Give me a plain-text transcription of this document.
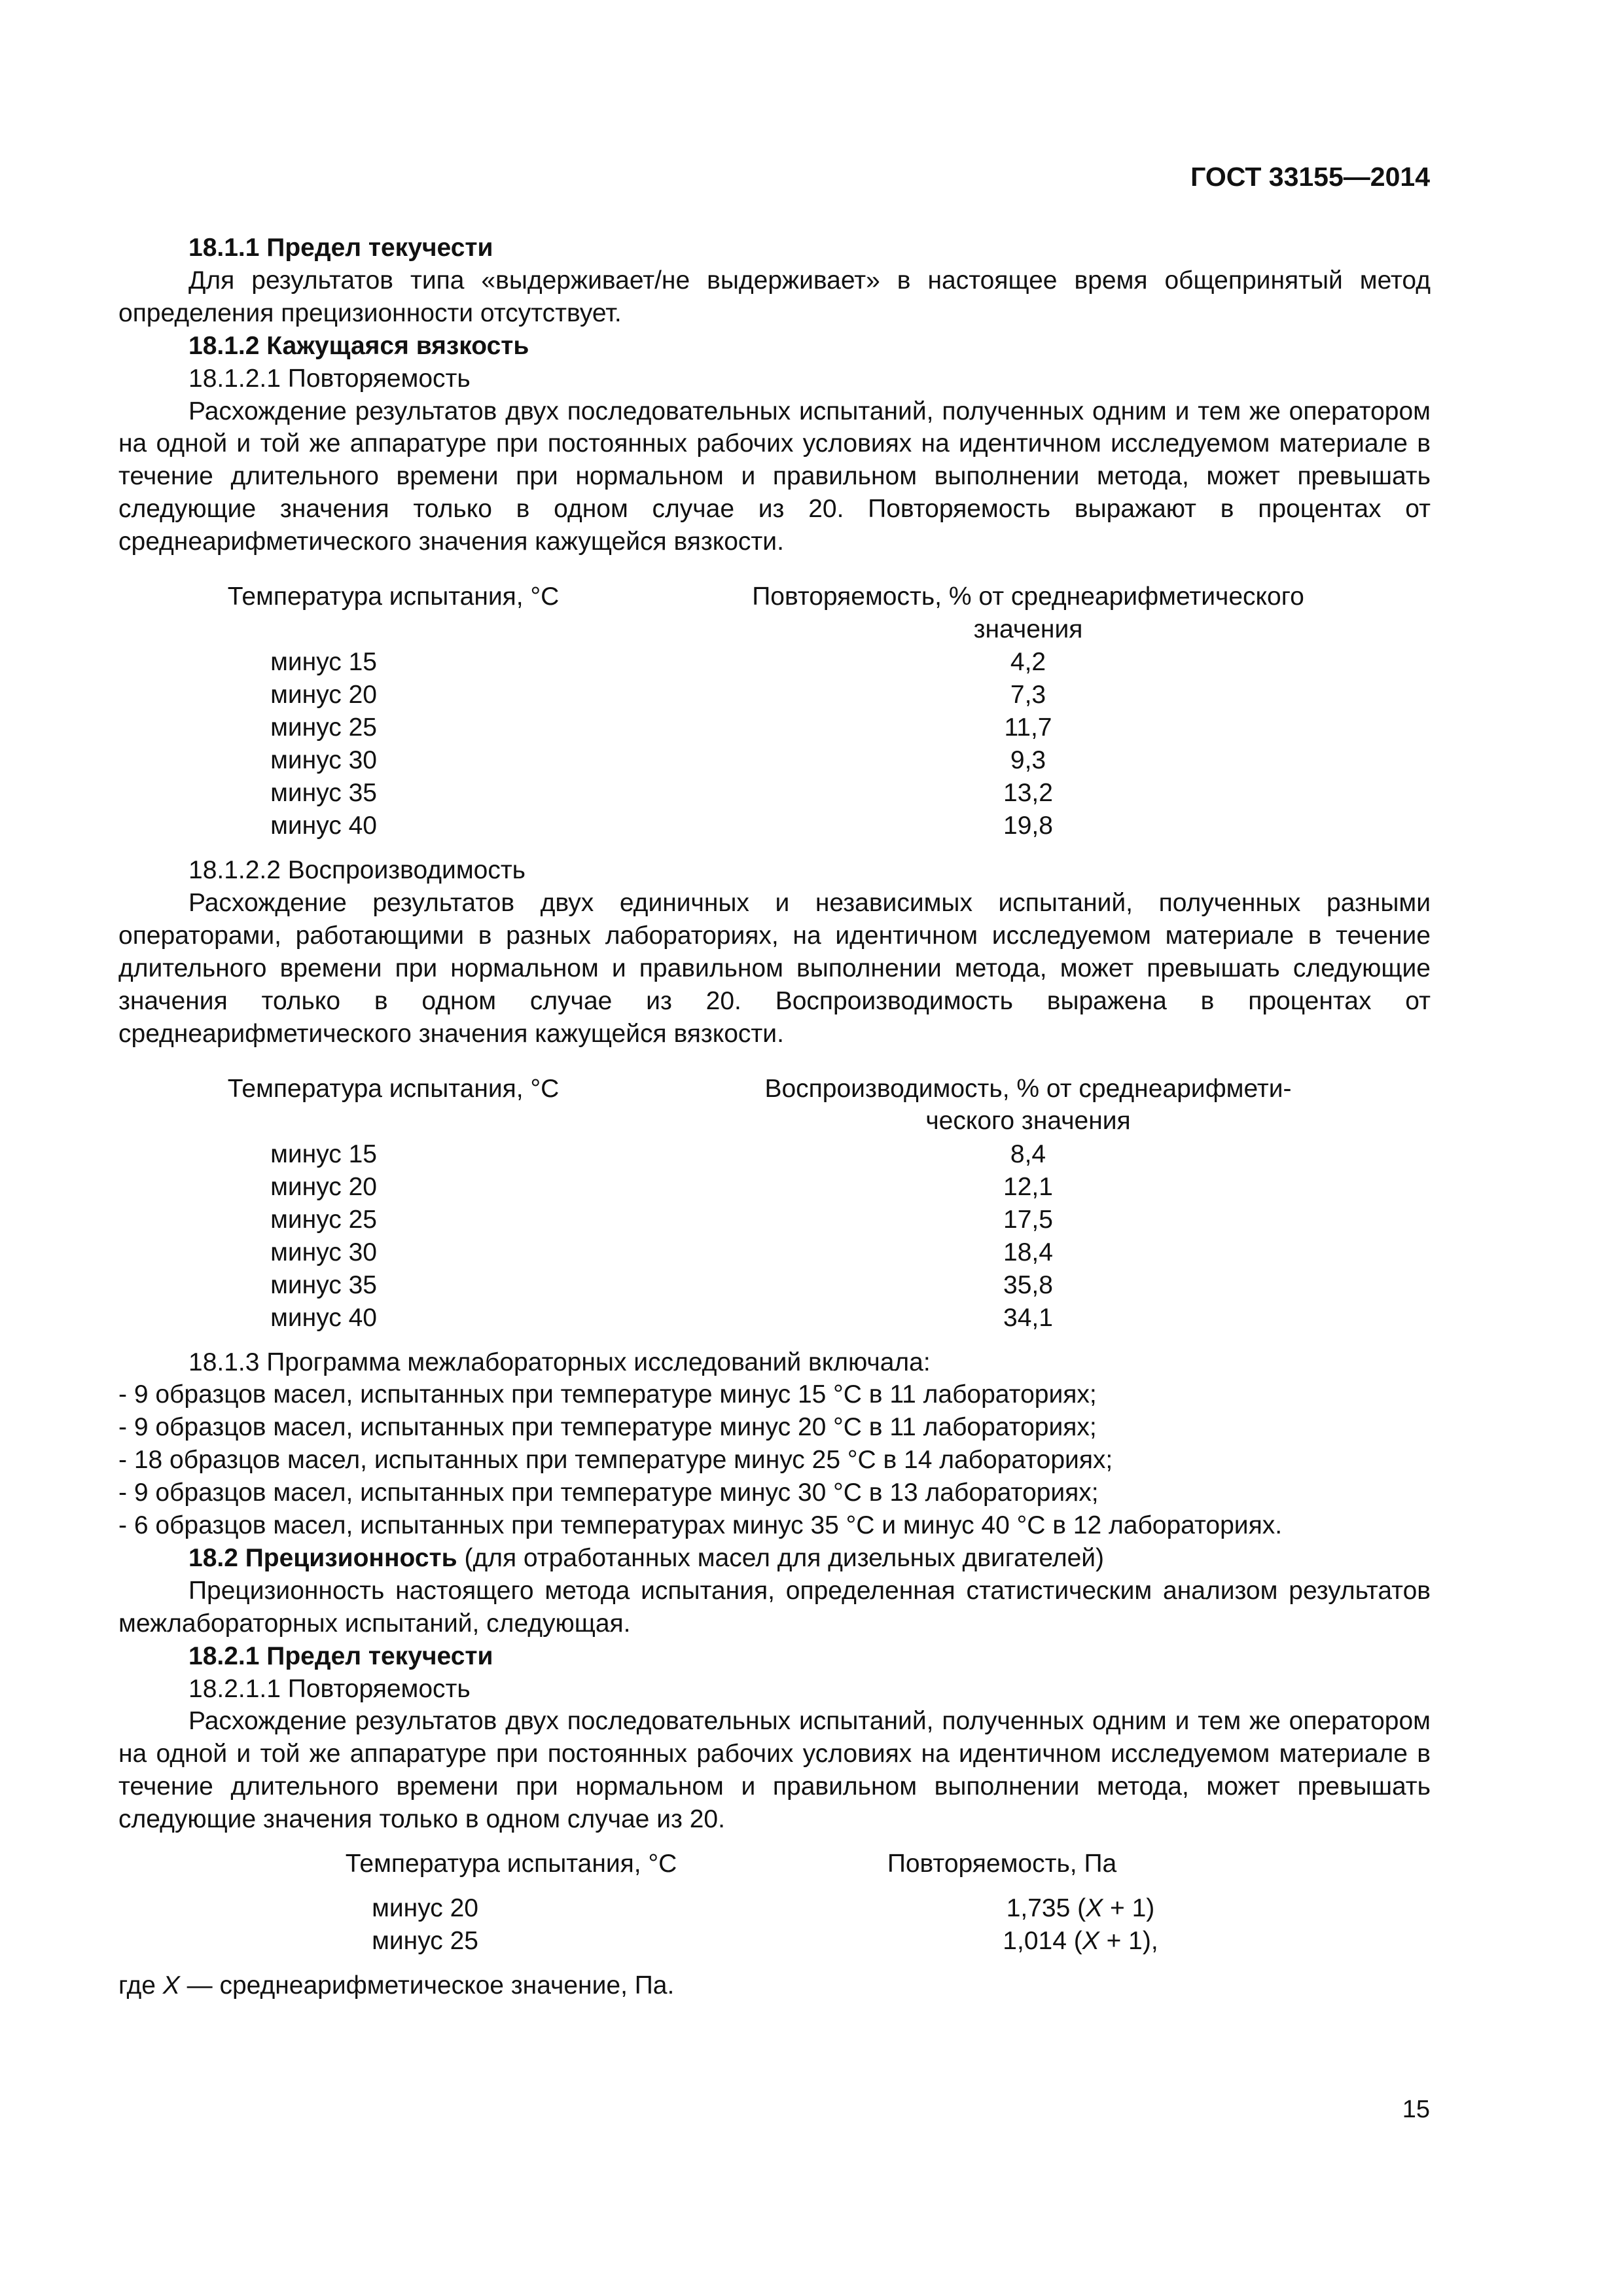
ГОСТ 33155—2014

18.1.1 Предел текучести

Для результатов типа «выдерживает/не выдерживает» в настоящее время общепринятый метод определения прецизионности отсутствует.

18.1.2 Кажущаяся вязкость

18.1.2.1 Повторяемость

Расхождение результатов двух последовательных испытаний, полученных одним и тем же оператором на одной и той же аппаратуре при постоянных рабочих условиях на идентичном исследуемом материале в течение длительного времени при нормальном и правильном выполнении метода, может превышать следующие значения только в одном случае из 20. Повторяемость выражают в процентах от среднеарифметического значения кажущейся вязкости.

Температура испытания, °C	Повторяемость, % от среднеарифметического
значения
минус 15	4,2
минус 20	7,3
минус 25	11,7
минус 30	9,3
минус 35	13,2
минус 40	19,8

18.1.2.2 Воспроизводимость

Расхождение результатов двух единичных и независимых испытаний, полученных разными операторами, работающими в разных лабораториях, на идентичном исследуемом материале в течение длительного времени при нормальном и правильном выполнении метода, может превышать следующие значения только в одном случае из 20. Воспроизводимость выражена в процентах от среднеарифметического значения кажущейся вязкости.

Температура испытания, °C	Воспроизводимость, % от среднеарифмети-
ческого значения
минус 15	8,4
минус 20	12,1
минус 25	17,5
минус 30	18,4
минус 35	35,8
минус 40	34,1

18.1.3 Программа межлабораторных исследований включала:

- 9 образцов масел, испытанных при температуре минус 15 °С в 11 лабораториях;

- 9 образцов масел, испытанных при температуре минус 20 °С в 11 лабораториях;

- 18 образцов масел, испытанных при температуре минус 25 °С в 14 лабораториях;

- 9 образцов масел, испытанных при температуре минус 30 °С в 13 лабораториях;

- 6 образцов масел, испытанных при температурах минус 35 °С и минус 40 °С в 12 лабораториях.

18.2 Прецизионность (для отработанных масел для дизельных двигателей)

Прецизионность настоящего метода испытания, определенная статистическим анализом результатов межлабораторных испытаний, следующая.

18.2.1 Предел текучести

18.2.1.1 Повторяемость

Расхождение результатов двух последовательных испытаний, полученных одним и тем же оператором на одной и той же аппаратуре при постоянных рабочих условиях на идентичном исследуемом материале в течение длительного времени при нормальном и правильном выполнении метода, может превышать следующие значения только в одном случае из 20.

Температура испытания, °C	Повторяемость, Па
минус 20	1,735 (X + 1)
минус 25	1,014 (X + 1),

где X — среднеарифметическое значение, Па.

15
